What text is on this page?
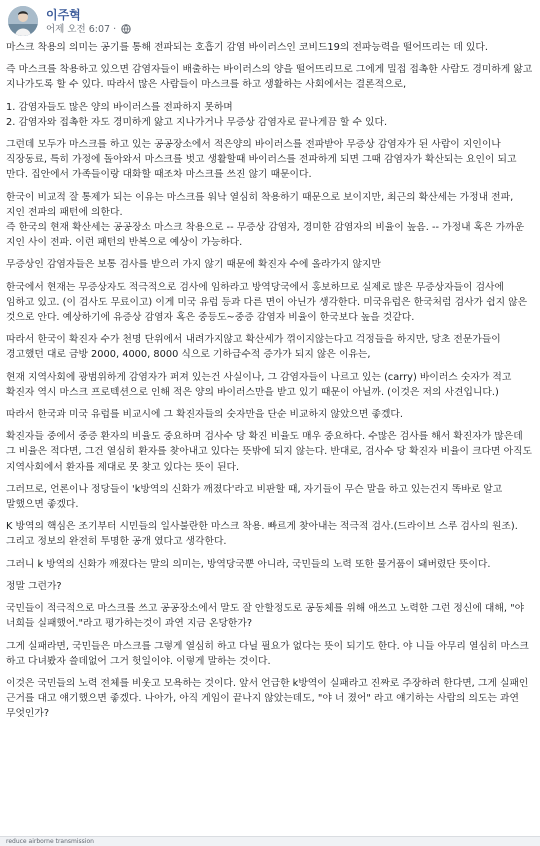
이주혁
어제 오전 6:07 ·

마스크 착용의 의미는 공기를 통해 전파되는 호흡기 감염 바이러스인 코비드19의 전파능력을 떨어뜨리는 데 있다.

즉 마스크를 착용하고 있으면 감염자들이 배출하는 바이러스의 양을 떨어뜨리므로 그에게 밀접 접촉한 사람도 경미하게 앓고 지나가도록 할 수 있다. 따라서 많은 사람들이 마스크를 하고 생활하는 사회에서는 결론적으로,

1. 감염자들도 많은 양의 바이러스를 전파하지 못하며
2. 감염자와 접촉한 자도 경미하게 앓고 지나가거나 무증상 감염자로 끝나게끔 할 수 있다.

그런데 모두가 마스크를 하고 있는 공공장소에서 적은양의 바이러스를 전파받아 무증상 감염자가 된 사람이 지인이나 직장동료, 특히 가정에 돌아와서 마스크를 벗고 생활할때 바이러스를 전파하게 되면 그때 감염자가 확산되는 요인이 되고 만다. 집안에서 가족들이랑 대화할 때조차 마스크를 쓰진 않기 때문이다.

한국이 비교적 잘 통제가 되는 이유는 마스크를 워낙 열심히 착용하기 때문으로 보이지만, 최근의 확산세는 가정내 전파, 지인 전파의 패턴에 의한다.
즉 한국의 현재 확산세는 공공장소 마스크 착용으로 -- 무증상 감염자, 경미한 감염자의 비율이 높음. -- 가정내 혹은 가까운 지인 사이 전파. 이런 패턴의 반복으로 예상이 가능하다.

무증상인 감염자들은 보통 검사를 받으러 가지 않기 때문에 확진자 수에 올라가지 않지만

한국에서 현재는 무증상자도 적극적으로 검사에 임하라고 방역당국에서 홍보하므로 실제로 많은 무증상자들이 검사에 임하고 있고. (이 검사도 무료이고) 이게 미국 유럽 등과 다른 면이 아닌가 생각한다. 미국유럽은 한국처럼 검사가 쉽지 않은 것으로 안다. 예상하기에 유증상 감염자 혹은 중등도~중증 감염자 비율이 한국보다 높을 것같다.

따라서 한국이 확진자 수가 천명 단위에서 내려가지않고 확산세가 꺾이지않는다고 걱정들을 하지만, 당초 전문가들이 경고했던 대로 금방 2000, 4000, 8000 식으로 기하급수적 증가가 되지 않은 이유는,

현재 지역사회에 광범위하게 감염자가 퍼져 있는건 사실이나, 그 감염자들이 나르고 있는 (carry) 바이러스 숫자가 적고 확진자 역시 마스크 프로텍션으로 인해 적은 양의 바이러스만을 받고 있기 때문이 아닐까. (이것은 저의 사견입니다.)

따라서 한국과 미국 유럽를 비교시에 그 확진자들의 숫자만을 단순 비교하지 않았으면 좋겠다.

확진자들 중에서 중증 환자의 비율도 중요하며 검사수 당 확진 비율도 매우 중요하다. 수많은 검사를 해서 확진자가 많은데 그 비율은 적다면, 그건 열심히 환자를 찾아내고 있다는 뜻밖에 되지 않는다. 반대로, 검사수 당 확진자 비율이 크다면 아직도 지역사회에서 환자를 제대로 못 찾고 있다는 뜻이 된다.

그러므로, 언론이나 정당들이 'k방역의 신화가 깨졌다'라고 비판할 때, 자기들이 무슨 말을 하고 있는건지 똑바로 알고 말했으면 좋겠다.

K 방역의 핵심은 조기부터 시민들의 일사불란한 마스크 착용. 빠르게 찾아내는 적극적 검사.(드라이브 스루 검사의 원조). 그리고 정보의 완전히 투명한 공개 였다고 생각한다.

그러니 k 방역의 신화가 깨졌다는 말의 의미는, 방역당국뿐 아니라, 국민들의 노력 또한 물거품이 돼버렸단 뜻이다.

정말 그런가?

국민들이 적극적으로 마스크를 쓰고 공공장소에서 말도 잘 안할정도로 공동체를 위해 애쓰고 노력한 그런 정신에 대해, "야 너희들 실패했어."라고 평가하는것이 과연 지금 온당한가?

그게 실패라면, 국민들은 마스크를 그렇게 열심히 하고 다닐 필요가 없다는 뜻이 되기도 한다. 야 니들 아무리 열심히 마스크 하고 다녀봤자 쓸데없어 그거 헛일이야. 이렇게 말하는 것이다.

이것은 국민들의 노력 전체를 비웃고 모욕하는 것이다. 앞서 언급한 k방역이 실패라고 진짜로 주장하려 한다면, 그게 실패인 근거를 대고 얘기했으면 좋겠다. 나아가, 아직 게임이 끝나지 않았는데도, "야 너 졌어" 라고 얘기하는 사람의 의도는 과연 무엇인가?

reduce airborne transmission
